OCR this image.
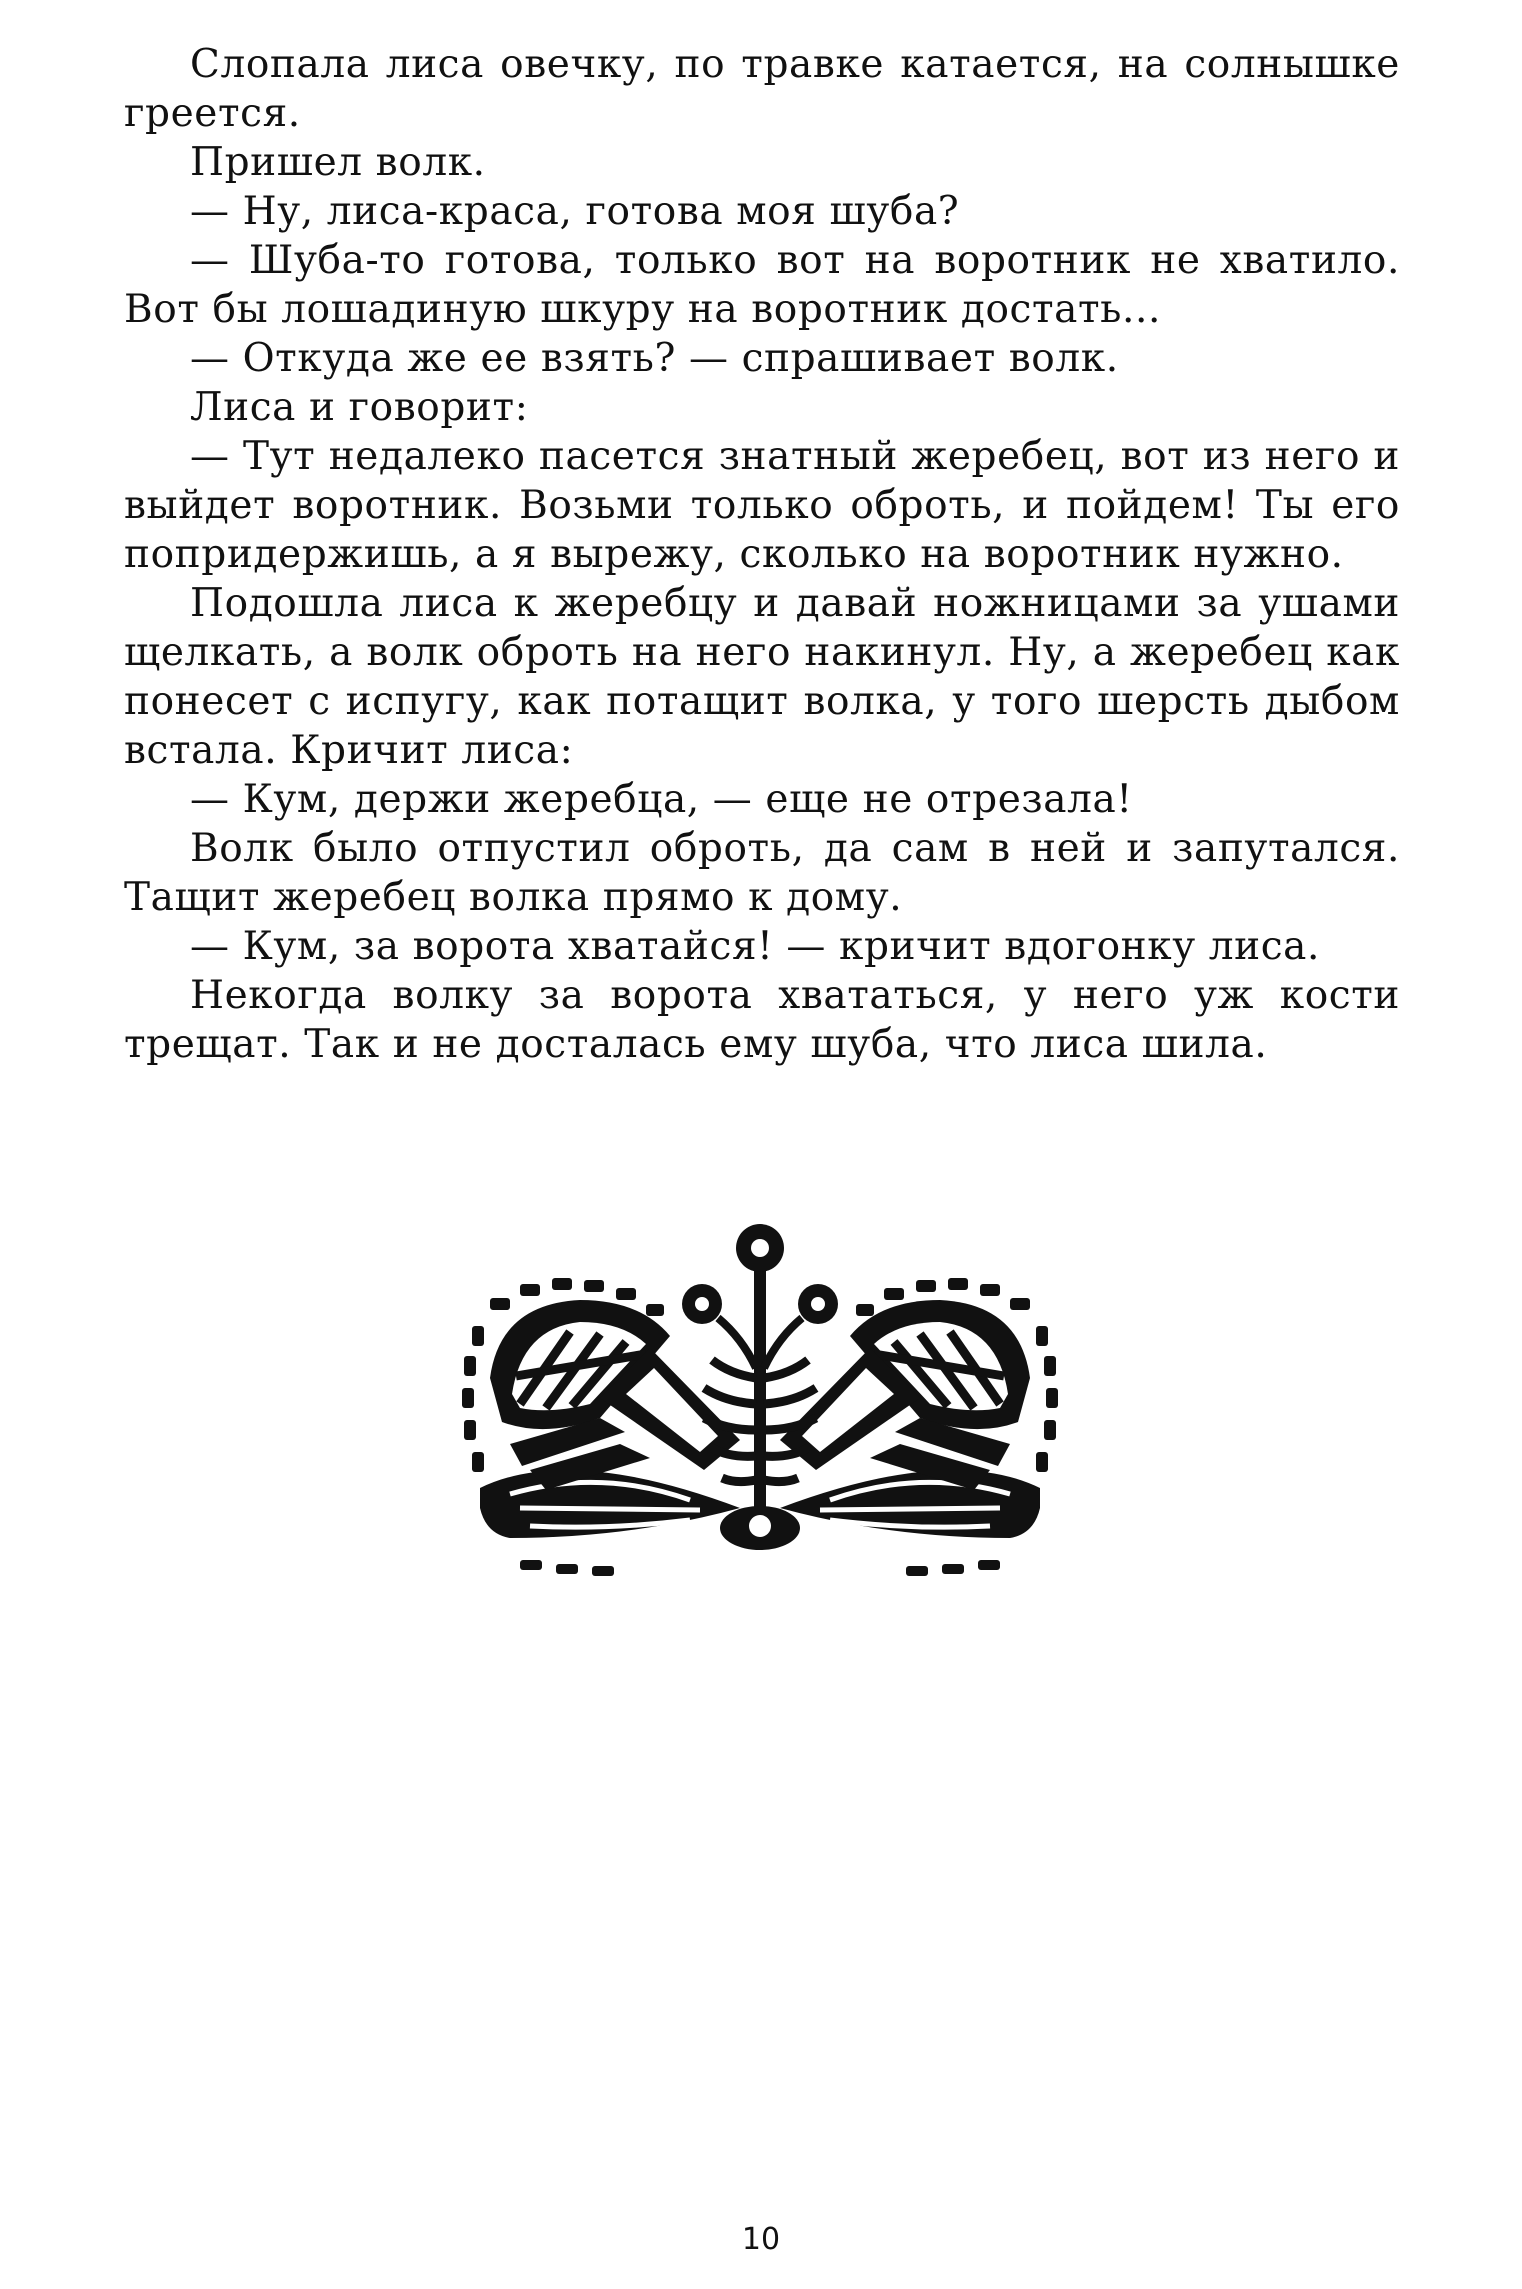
Слопала лиса овечку, по травке катается, на солнышке греется.

Пришел волк.

— Ну, лиса-краса, готова моя шуба?

— Шуба-то готова, только вот на воротник не хватило. Вот бы лошадиную шкуру на воротник достать...

— Откуда же ее взять? — спрашивает волк.

Лиса и говорит:

— Тут недалеко пасется знатный жеребец, вот из него и выйдет воротник. Возьми только оброть, и пойдем! Ты его попридержишь, а я вырежу, сколько на воротник нужно.

Подошла лиса к жеребцу и давай ножницами за ушами щелкать, а волк оброть на него накинул. Ну, а жеребец как понесет с испугу, как потащит волка, у того шерсть дыбом встала. Кричит лиса:

— Кум, держи жеребца, — еще не отрезала!

Волк было отпустил оброть, да сам в ней и запутался. Тащит жеребец волка прямо к дому.

— Кум, за ворота хватайся! — кричит вдогонку лиса.

Некогда волку за ворота хвататься, у него уж кости трещат. Так и не досталась ему шуба, что лиса шила.

10
